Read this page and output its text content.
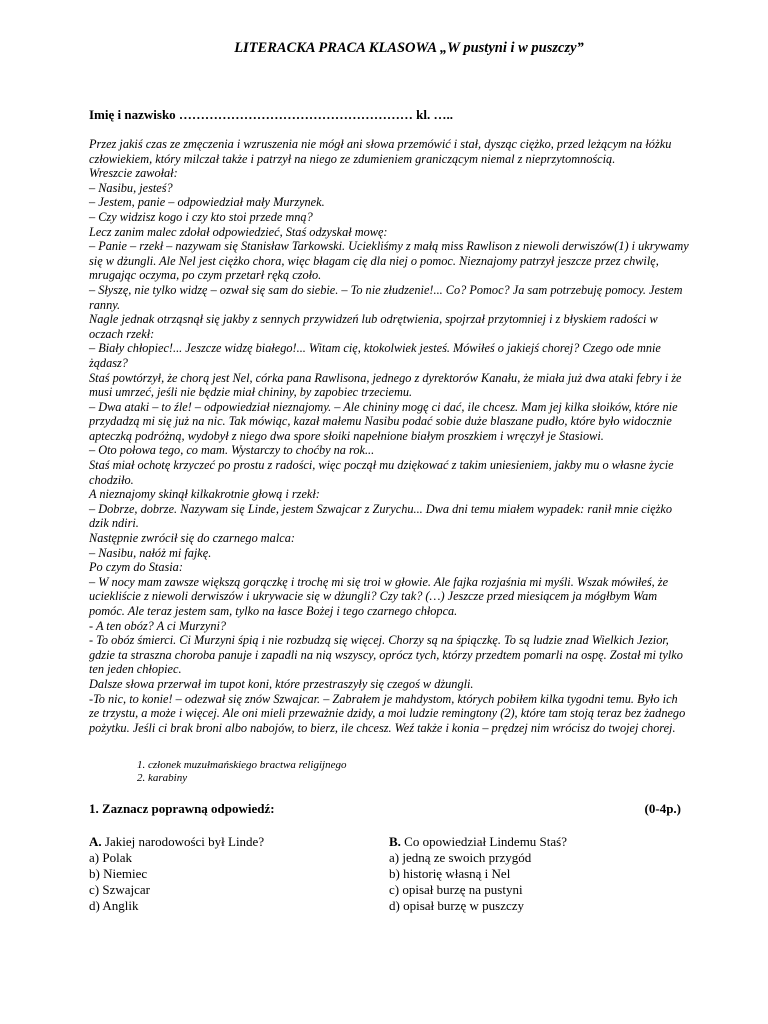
LITERACKA PRACA KLASOWA „W pustyni i w puszczy”
Imię i nazwisko ……………………………………………… kl. …..

Przez jakiś czas ze zmęczenia i wzruszenia nie mógł ani słowa przemówić i stał, dysząc ciężko, przed leżącym na łóżku człowiekiem, który milczał także i patrzył na niego ze zdumieniem graniczącym niemal z nieprzytomnością.

Wreszcie zawołał:

– Nasibu, jesteś?

– Jestem, panie – odpowiedział mały Murzynek.

– Czy widzisz kogo i czy kto stoi przede mną?

Lecz zanim malec zdołał odpowiedzieć, Staś odzyskał mowę:

– Panie – rzekł – nazywam się Stanisław Tarkowski. Uciekliśmy z małą miss Rawlison z niewoli derwiszów(1) i ukrywamy się w dżungli. Ale Nel jest ciężko chora, więc błagam cię dla niej o pomoc. Nieznajomy patrzył jeszcze przez chwilę, mrugając oczyma, po czym przetarł ręką czoło.

– Słyszę, nie tylko widzę – ozwał się sam do siebie. – To nie złudzenie!... Co? Pomoc? Ja sam potrzebuję pomocy. Jestem ranny.

Nagle jednak otrząsnął się jakby z sennych przywidzeń lub odrętwienia, spojrzał przytomniej i z błyskiem radości w oczach rzekł:

– Biały chłopiec!... Jeszcze widzę białego!... Witam cię, ktokolwiek jesteś. Mówiłeś o jakiejś chorej? Czego ode mnie żądasz?

Staś powtórzył, że chorą jest Nel, córka pana Rawlisona, jednego z dyrektorów Kanału, że miała już dwa ataki febry i że musi umrzeć, jeśli nie będzie miał chininy, by zapobiec trzeciemu.

– Dwa ataki – to źle! – odpowiedział nieznajomy. – Ale chininy mogę ci dać, ile chcesz. Mam jej kilka słoików, które nie przydadzą mi się już na nic. Tak mówiąc, kazał małemu Nasibu podać sobie duże blaszane pudło, które było widocznie apteczką podróżną, wydobył z niego dwa spore słoiki napełnione białym proszkiem i wręczył je Stasiowi.

– Oto połowa tego, co mam. Wystarczy to choćby na rok...

Staś miał ochotę krzyczeć po prostu z radości, więc począł mu dziękować z takim uniesieniem, jakby mu o własne życie chodziło.

A nieznajomy skinął kilkakrotnie głową i rzekł:

– Dobrze, dobrze. Nazywam się Linde, jestem Szwajcar z Zurychu... Dwa dni temu miałem wypadek: ranił mnie ciężko dzik ndiri.

Następnie zwrócił się do czarnego malca:

– Nasibu, nałóż mi fajkę.

Po czym do Stasia:

– W nocy mam zawsze większą gorączkę i trochę mi się troi w głowie. Ale fajka rozjaśnia mi myśli. Wszak mówiłeś, że uciekliście z niewoli derwiszów i ukrywacie się w dżungli? Czy tak? (…) Jeszcze przed miesiącem ja mógłbym Wam pomóc. Ale teraz jestem sam, tylko na łasce Bożej i tego czarnego chłopca.

- A ten obóz? A ci Murzyni?

- To obóz śmierci. Ci Murzyni śpią i nie rozbudzą się więcej. Chorzy są na śpiączkę. To są ludzie znad Wielkich Jezior, gdzie ta straszna choroba panuje i zapadli na nią wszyscy, oprócz tych, którzy przedtem pomarli na ospę. Został mi tylko ten jeden chłopiec.

Dalsze słowa przerwał im tupot koni, które przestraszyły się czegoś w dżungli.

-To nic, to konie! – odezwał się znów Szwajcar. – Zabrałem je mahdystom, których pobiłem kilka tygodni temu. Było ich ze trzystu, a może i więcej. Ale oni mieli przeważnie dzidy, a moi ludzie remingtony (2), które tam stoją teraz bez żadnego pożytku. Jeśli ci brak broni albo nabojów, to bierz, ile chcesz. Weź także i konia – prędzej nim wrócisz do twojej chorej.

1. członek muzułmańskiego bractwa religijnego

2. karabiny

1. Zaznacz poprawną odpowiedź:	(0-4p.)

A. Jakiej narodowości był Linde?

a) Polak

b) Niemiec

c) Szwajcar

d) Anglik

B. Co opowiedział Lindemu Staś?

a) jedną ze swoich przygód

b) historię własną i Nel

c) opisał burzę na pustyni

d) opisał burzę w puszczy
